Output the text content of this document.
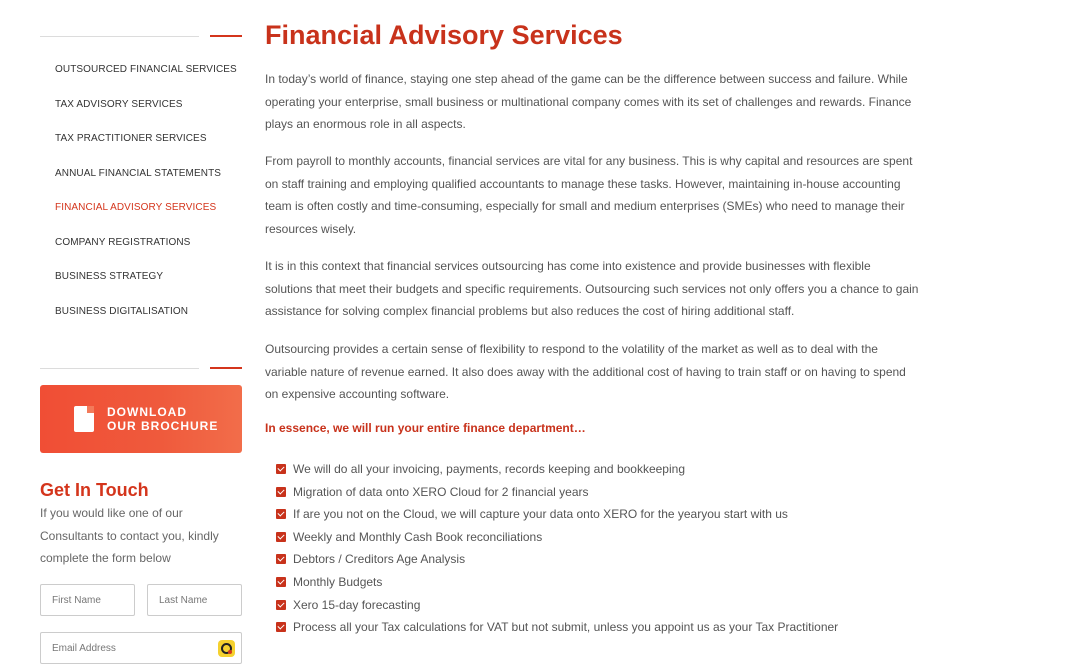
OUTSOURCED FINANCIAL SERVICES
TAX ADVISORY SERVICES
TAX PRACTITIONER SERVICES
ANNUAL FINANCIAL STATEMENTS
FINANCIAL ADVISORY SERVICES
COMPANY REGISTRATIONS
BUSINESS STRATEGY
BUSINESS DIGITALISATION
DOWNLOAD
OUR BROCHURE
Get In Touch

If you would like one of our Consultants to contact you, kindly complete the form below

First Name
Last Name
Email Address
Financial Advisory Services

In today’s world of finance, staying one step ahead of the game can be the difference between success and failure. While operating your enterprise, small business or multinational company comes with its set of challenges and rewards. Finance plays an enormous role in all aspects.

From payroll to monthly accounts, financial services are vital for any business. This is why capital and resources are spent on staff training and employing qualified accountants to manage these tasks. However, maintaining in-house accounting team is often costly and time-consuming, especially for small and medium enterprises (SMEs) who need to manage their resources wisely.

It is in this context that financial services outsourcing has come into existence and provide businesses with flexible solutions that meet their budgets and specific requirements. Outsourcing such services not only offers you a chance to gain assistance for solving complex financial problems but also reduces the cost of hiring additional staff.

Outsourcing provides a certain sense of flexibility to respond to the volatility of the market as well as to deal with the variable nature of revenue earned. It also does away with the additional cost of having to train staff or on having to spend on expensive accounting software.

In essence, we will run your entire finance department…

We will do all your invoicing, payments, records keeping and bookkeeping
Migration of data onto XERO Cloud for 2 financial years
If are you not on the Cloud, we will capture your data onto XERO for the yearyou start with us
Weekly and Monthly Cash Book reconciliations
Debtors / Creditors Age Analysis
Monthly Budgets
Xero 15-day forecasting
Process all your Tax calculations for VAT but not submit, unless you appoint us as your Tax Practitioner
